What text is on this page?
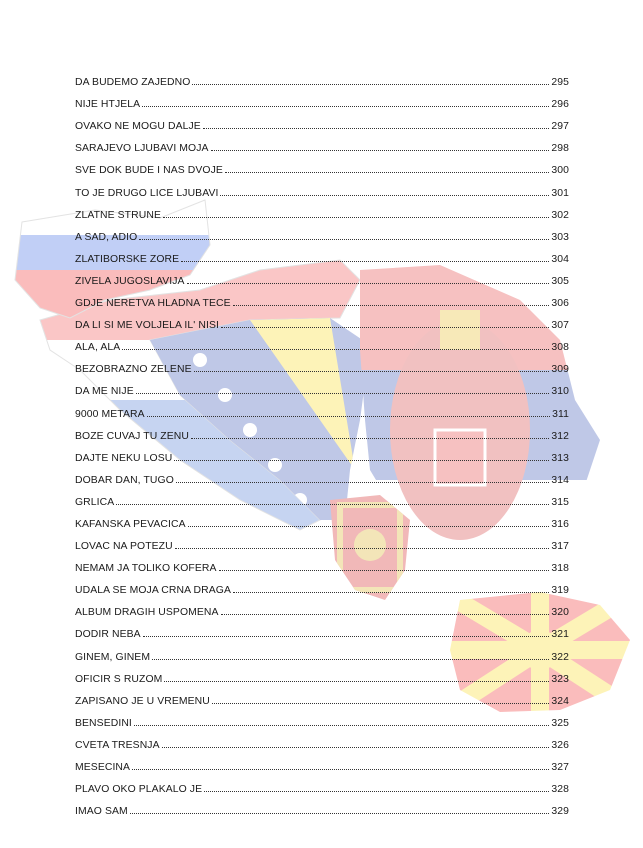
DA BUDEMO ZAJEDNO	295
NIJE HTJELA	296
OVAKO NE MOGU DALJE	297
SARAJEVO LJUBAVI MOJA	298
SVE DOK BUDE I NAS DVOJE	300
TO JE DRUGO LICE LJUBAVI	301
ZLATNE STRUNE	302
A SAD, ADIO	303
ZLATIBORSKE ZORE	304
ZIVELA JUGOSLAVIJA	305
GDJE NERETVA HLADNA TECE	306
DA LI SI ME VOLJELA IL' NISI	307
ALA, ALA	308
BEZOBRAZNO ZELENE	309
DA ME NIJE	310
9000 METARA	311
BOZE CUVAJ TU ZENU	312
DAJTE NEKU LOSU	313
DOBAR DAN, TUGO	314
GRLICA	315
KAFANSKA PEVACICA	316
LOVAC NA POTEZU	317
NEMAM JA TOLIKO KOFERA	318
UDALA SE MOJA CRNA DRAGA	319
ALBUM DRAGIH USPOMENA	320
DODIR NEBA	321
GINEM, GINEM	322
OFICIR S RUZOM	323
ZAPISANO JE U VREMENU	324
BENSEDINI	325
CVETA TRESNJA	326
MESECINA	327
PLAVO OKO PLAKALO JE	328
IMAO SAM	329
